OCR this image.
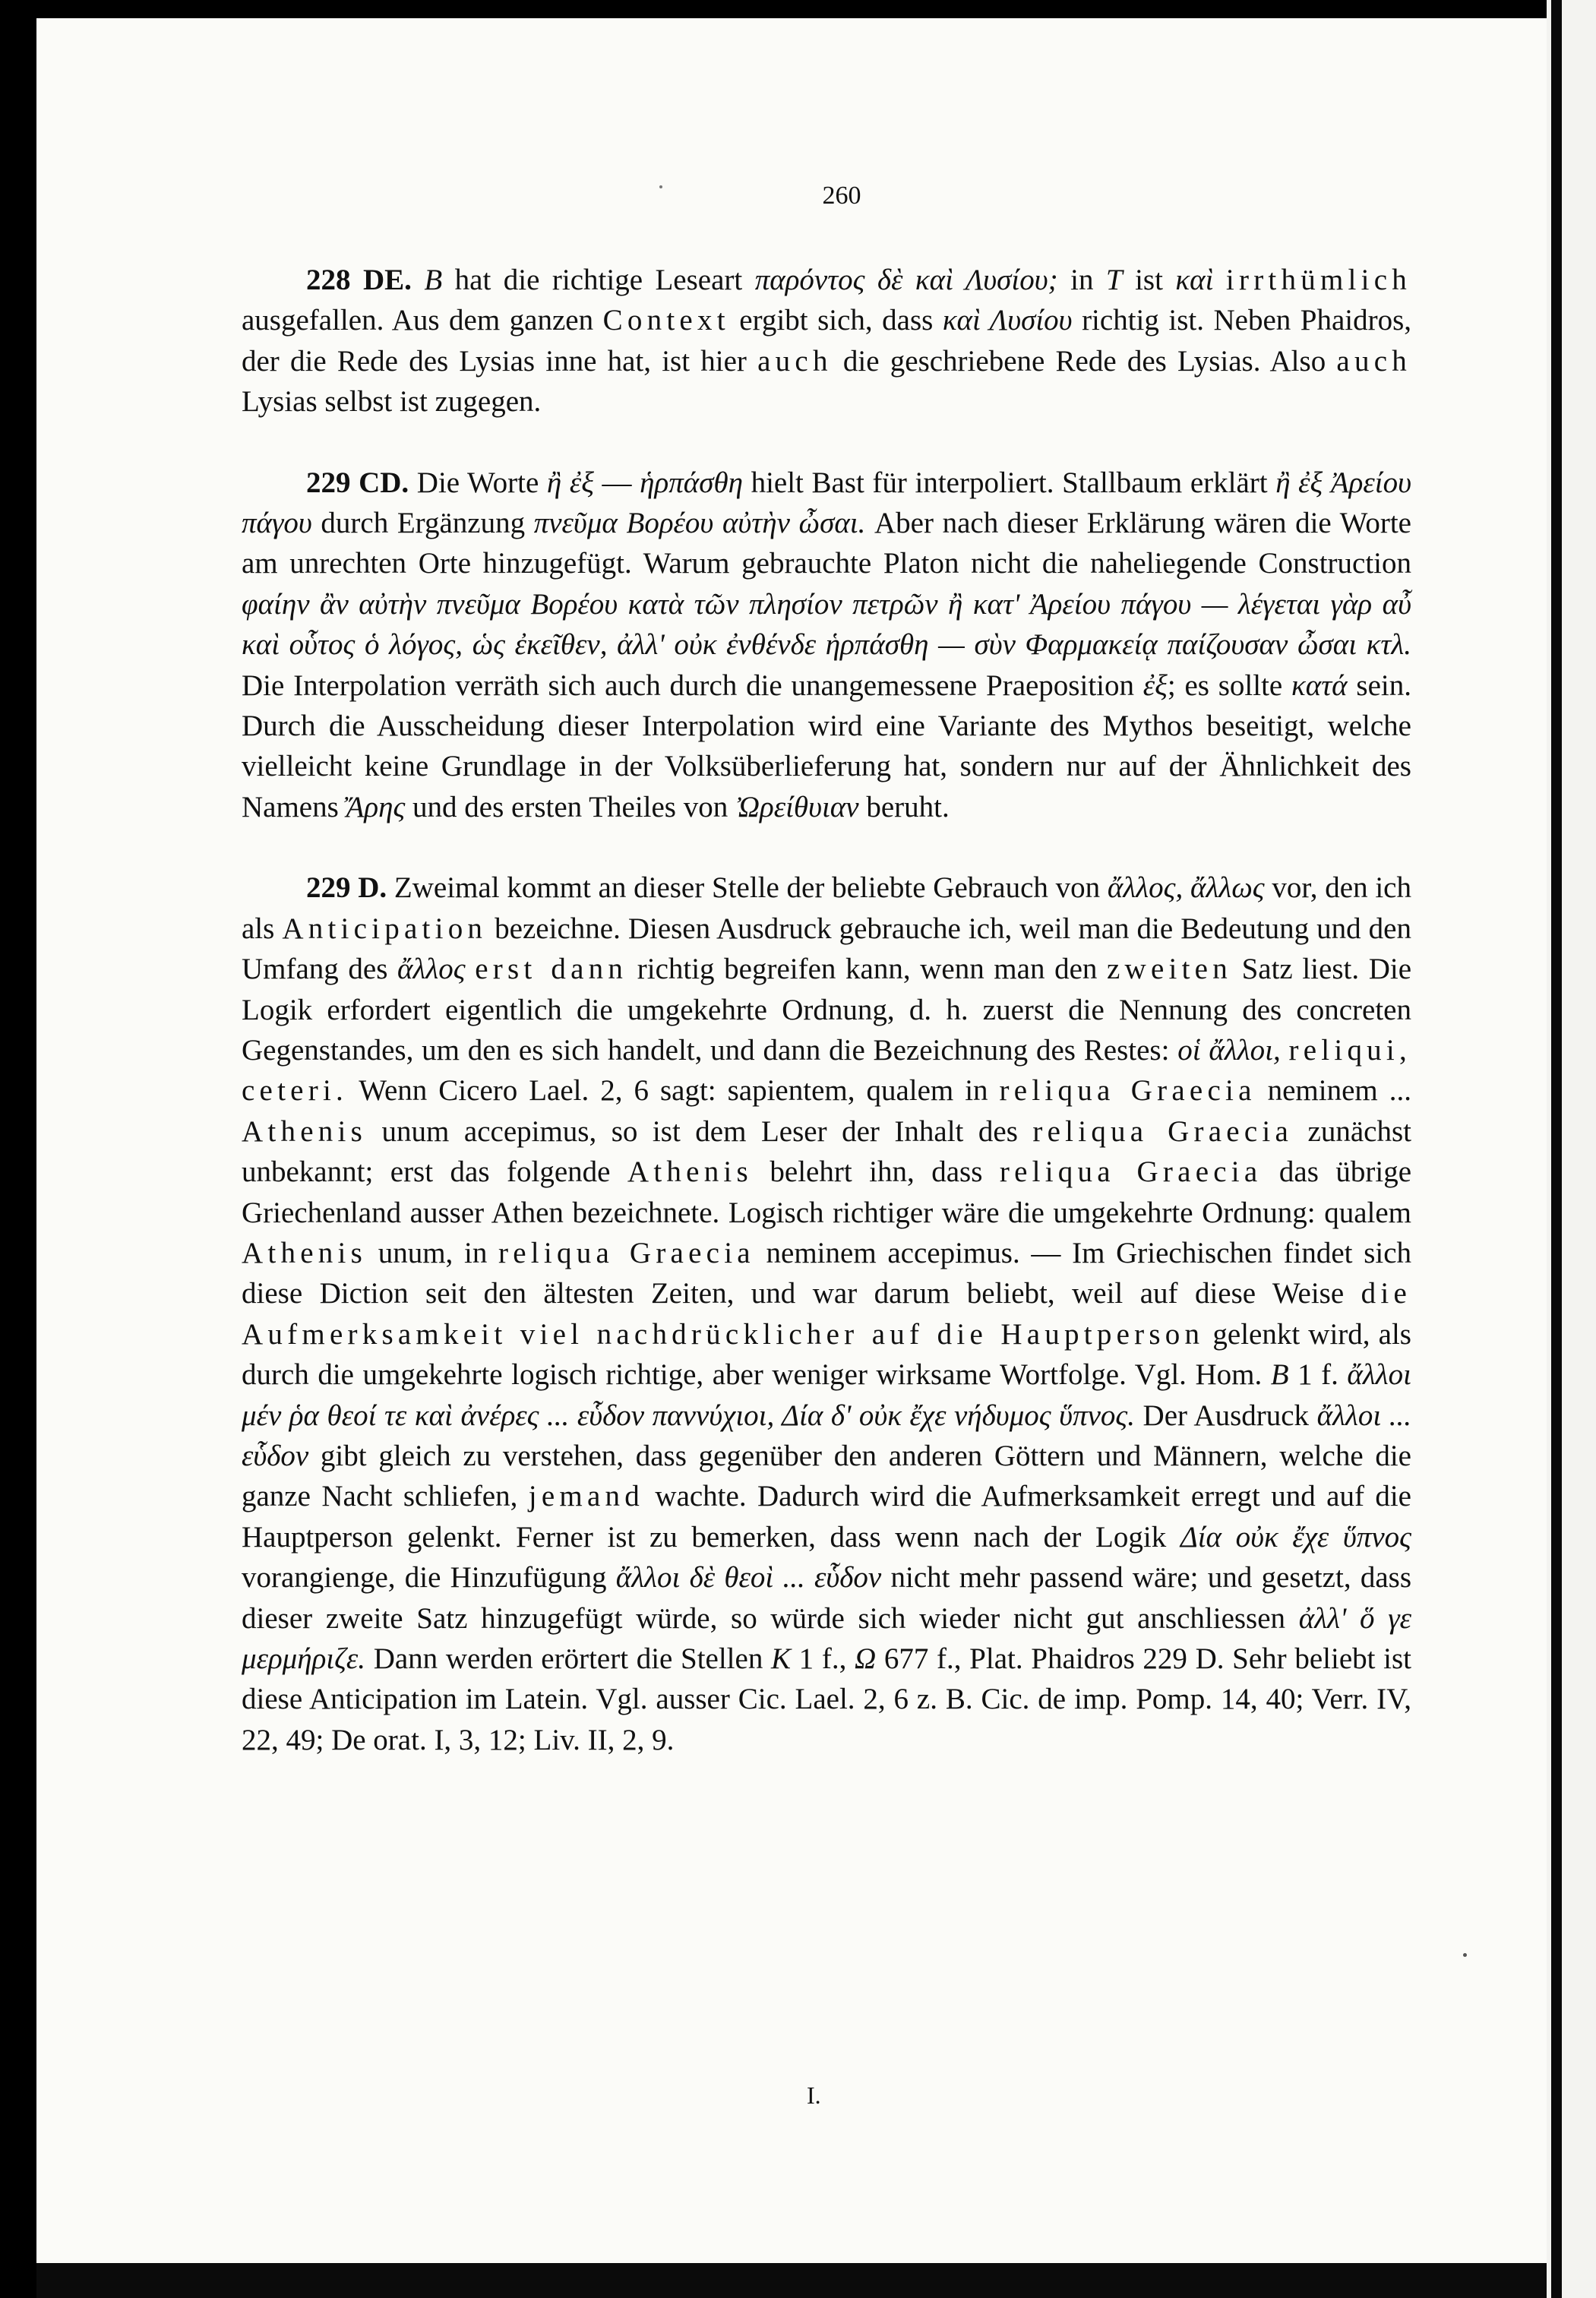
260

228 DE. B hat die richtige Leseart παρόντος δὲ καὶ Λυσίου; in T ist καὶ irrthümlich ausgefallen. Aus dem ganzen Context ergibt sich, dass καὶ Λυσίου richtig ist. Neben Phaidros, der die Rede des Lysias inne hat, ist hier auch die geschriebene Rede des Lysias. Also auch Lysias selbst ist zugegen.

229 CD. Die Worte ἢ ἐξ — ἡρπάσθη hielt Bast für interpoliert. Stallbaum erklärt ἢ ἐξ Ἀρείου πάγου durch Ergänzung πνεῦμα Βορέου αὐτὴν ὦσαι. Aber nach dieser Erklärung wären die Worte am unrechten Orte hinzugefügt. Warum gebrauchte Platon nicht die naheliegende Construction φαίην ἂν αὐτὴν πνεῦμα Βορέου κατὰ τῶν πλησίον πετρῶν ἢ κατ' Ἀρείου πάγου — λέγεται γὰρ αὖ καὶ οὗτος ὁ λόγος, ὡς ἐκεῖθεν, ἀλλ' οὐκ ἐνθένδε ἡρπάσθη — σὺν Φαρμακείᾳ παίζουσαν ὦσαι κτλ. Die Interpolation verräth sich auch durch die unangemessene Praeposition ἐξ; es sollte κατά sein. Durch die Ausscheidung dieser Interpolation wird eine Variante des Mythos beseitigt, welche vielleicht keine Grundlage in der Volksüberlieferung hat, sondern nur auf der Ähnlichkeit des Namens Ἄρης und des ersten Theiles von Ὠρείθυιαν beruht.

229 D. Zweimal kommt an dieser Stelle der beliebte Gebrauch von ἄλλος, ἄλλως vor, den ich als Anticipation bezeichne. Diesen Ausdruck gebrauche ich, weil man die Bedeutung und den Umfang des ἄλλος erst dann richtig begreifen kann, wenn man den zweiten Satz liest. Die Logik erfordert eigentlich die umgekehrte Ordnung, d. h. zuerst die Nennung des concreten Gegenstandes, um den es sich handelt, und dann die Bezeichnung des Restes: οἱ ἄλλοι, reliqui, ceteri. Wenn Cicero Lael. 2, 6 sagt: sapientem, qualem in reliqua Graecia neminem ... Athenis unum accepimus, so ist dem Leser der Inhalt des reliqua Graecia zunächst unbekannt; erst das folgende Athenis belehrt ihn, dass reliqua Graecia das übrige Griechenland ausser Athen bezeichnete. Logisch richtiger wäre die umgekehrte Ordnung: qualem Athenis unum, in reliqua Graecia neminem accepimus. — Im Griechischen findet sich diese Diction seit den ältesten Zeiten, und war darum beliebt, weil auf diese Weise die Aufmerksamkeit viel nachdrücklicher auf die Hauptperson gelenkt wird, als durch die umgekehrte logisch richtige, aber weniger wirksame Wortfolge. Vgl. Hom. B 1 f. ἄλλοι μέν ῥα θεοί τε καὶ ἀνέρες ... εὗδον παννύχιοι, Δία δ' οὐκ ἔχε νήδυμος ὕπνος. Der Ausdruck ἄλλοι ... εὗδον gibt gleich zu verstehen, dass gegenüber den anderen Göttern und Männern, welche die ganze Nacht schliefen, jemand wachte. Dadurch wird die Aufmerksamkeit erregt und auf die Hauptperson gelenkt. Ferner ist zu bemerken, dass wenn nach der Logik Δία οὐκ ἔχε ὕπνος vorangienge, die Hinzufügung ἄλλοι δὲ θεοὶ ... εὗδον nicht mehr passend wäre; und gesetzt, dass dieser zweite Satz hinzugefügt würde, so würde sich wieder nicht gut anschliessen ἀλλ' ὅ γε μερμήριζε. Dann werden erörtert die Stellen K 1 f., Ω 677 f., Plat. Phaidros 229 D. Sehr beliebt ist diese Anticipation im Latein. Vgl. ausser Cic. Lael. 2, 6 z. B. Cic. de imp. Pomp. 14, 40; Verr. IV, 22, 49; De orat. I, 3, 12; Liv. II, 2, 9.

I.
